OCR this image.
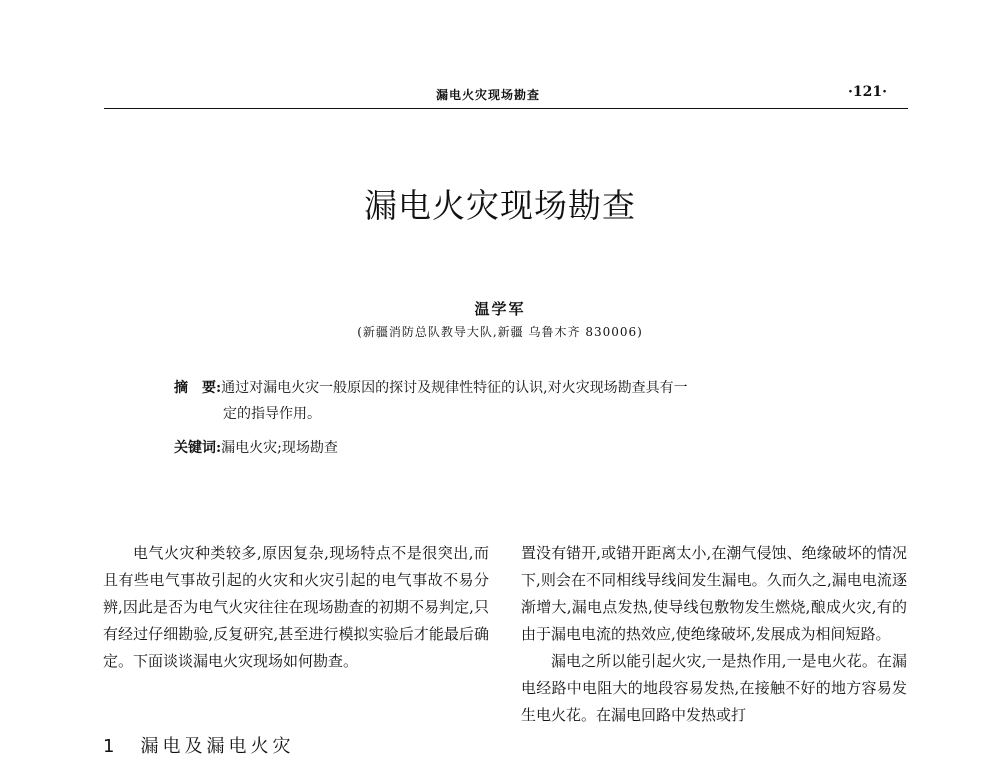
漏电火灾现场勘查	·121·
漏电火灾现场勘查
温学军
(新疆消防总队教导大队,新疆 乌鲁木齐 830006)
摘　要:通过对漏电火灾一般原因的探讨及规律性特征的认识,对火灾现场勘查具有一
定的指导作用。
关键词:漏电火灾;现场勘查

电气火灾种类较多,原因复杂,现场特点不是很突出,而且有些电气事故引起的火灾和火灾引起的电气事故不易分辨,因此是否为电气火灾往往在现场勘查的初期不易判定,只有经过仔细勘验,反复研究,甚至进行模拟实验后才能最后确定。下面谈谈漏电火灾现场如何勘查。

1　漏电及漏电火灾

置没有错开,或错开距离太小,在潮气侵蚀、绝缘破坏的情况下,则会在不同相线导线间发生漏电。久而久之,漏电电流逐渐增大,漏电点发热,使导线包敷物发生燃烧,酿成火灾,有的由于漏电电流的热效应,使绝缘破坏,发展成为相间短路。

漏电之所以能引起火灾,一是热作用,一是电火花。在漏电经路中电阻大的地段容易发热,在接触不好的地方容易发生电火花。在漏电回路中发热或打
